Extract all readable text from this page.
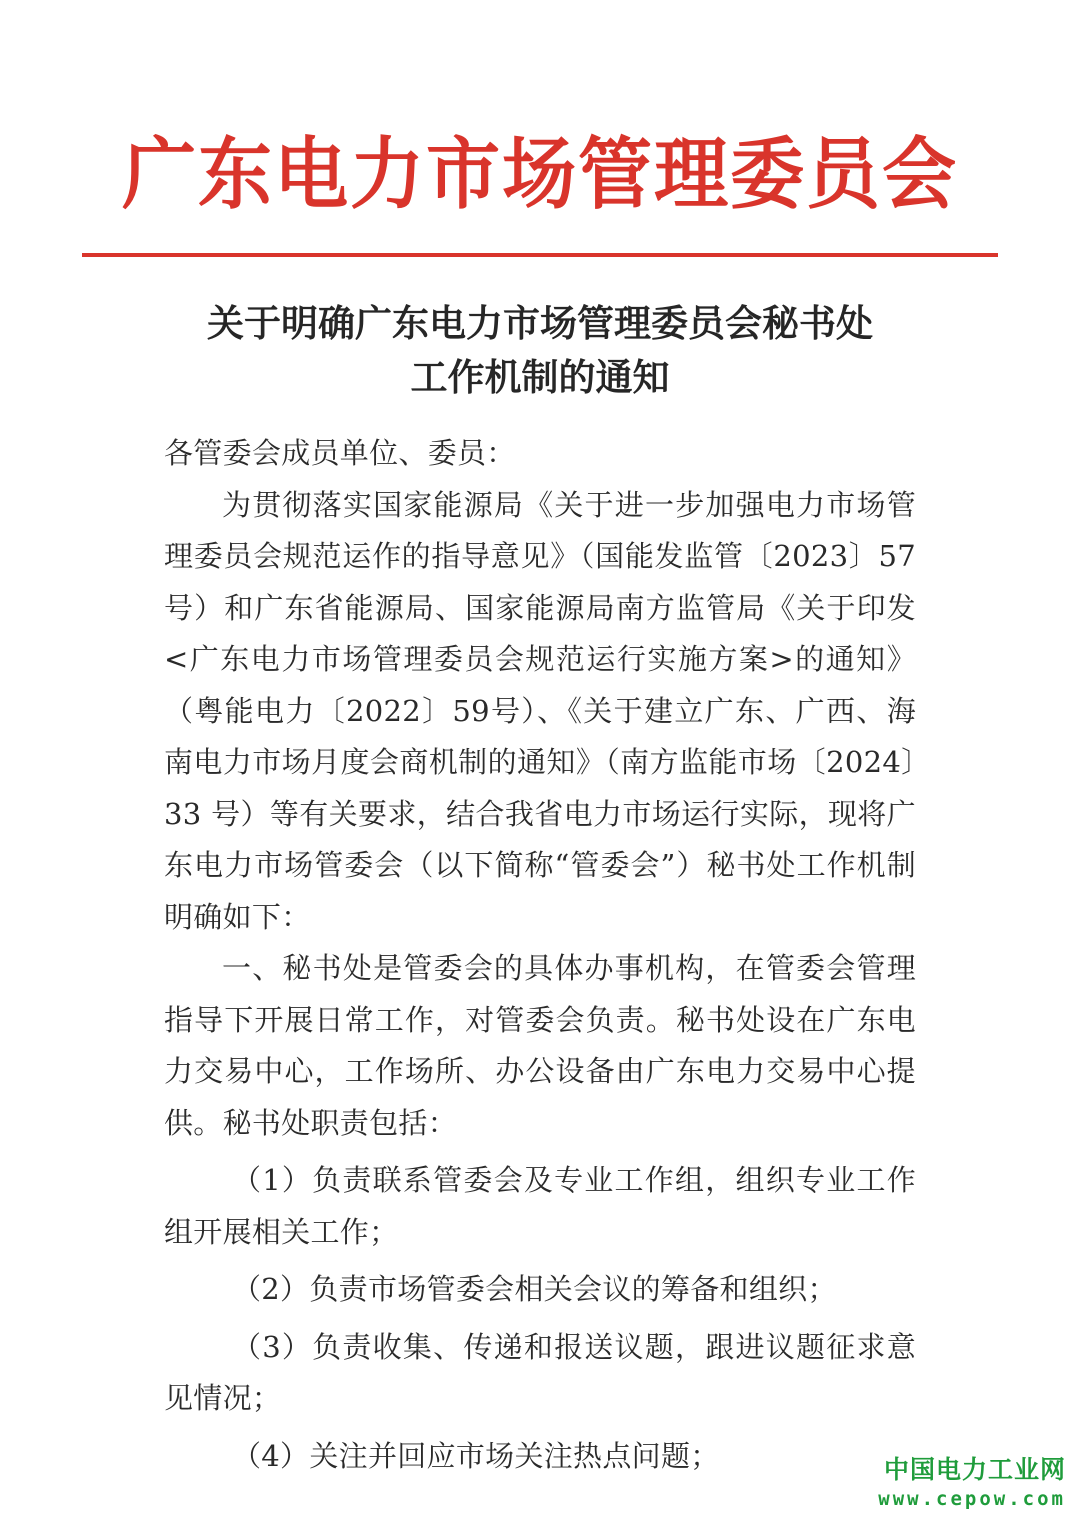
广东电力市场管理委员会
关于明确广东电力市场管理委员会秘书处
工作机制的通知

各管委会成员单位、委员：

为贯彻落实国家能源局《关于进一步加强电力市场管理委员会规范运作的指导意见》（国能发监管〔2023〕57号）和广东省能源局、国家能源局南方监管局《关于印发<广东电力市场管理委员会规范运行实施方案>的通知》（粤能电力〔2022〕59号）、《关于建立广东、广西、海南电力市场月度会商机制的通知》（南方监能市场〔2024〕33 号）等有关要求，结合我省电力市场运行实际，现将广东电力市场管委会（以下简称“管委会”）秘书处工作机制明确如下：

一、秘书处是管委会的具体办事机构，在管委会管理指导下开展日常工作，对管委会负责。秘书处设在广东电力交易中心，工作场所、办公设备由广东电力交易中心提供。秘书处职责包括：

（1）负责联系管委会及专业工作组，组织专业工作组开展相关工作；

（2）负责市场管委会相关会议的筹备和组织；

（3）负责收集、传递和报送议题，跟进议题征求意见情况；

（4）关注并回应市场关注热点问题；	中国电力工业网
www.cepow.com
